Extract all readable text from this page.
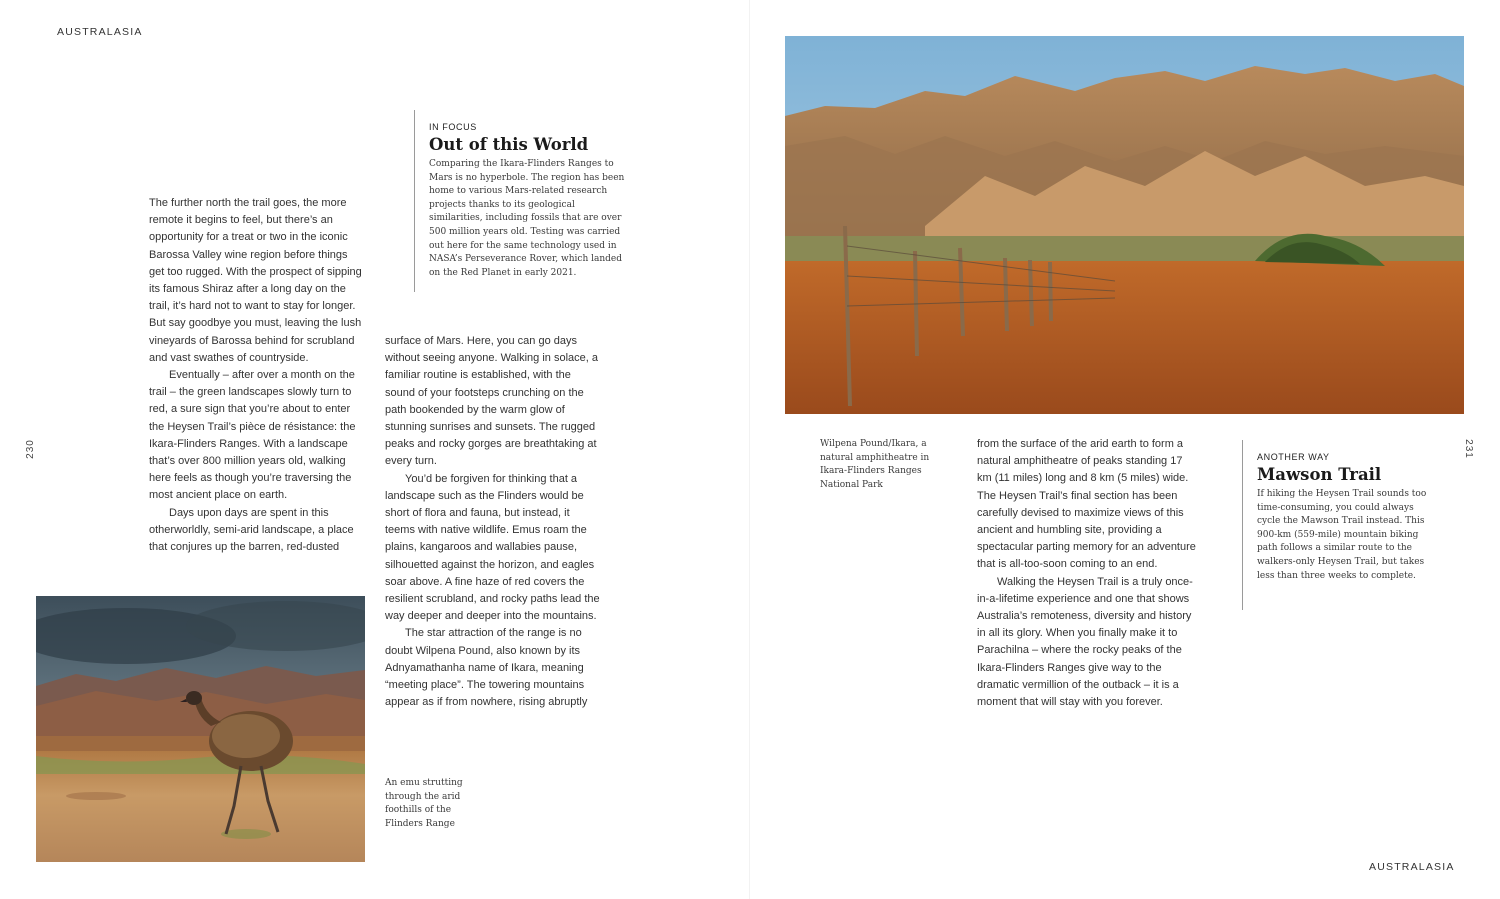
AUSTRALASIA
230
IN FOCUS
Out of this World

Comparing the Ikara-Flinders Ranges to Mars is no hyperbole. The region has been home to various Mars-related research projects thanks to its geological similarities, including fossils that are over 500 million years old. Testing was carried out here for the same technology used in NASA’s Perseverance Rover, which landed on the Red Planet in early 2021.

The further north the trail goes, the more remote it begins to feel, but there’s an opportunity for a treat or two in the iconic Barossa Valley wine region before things get too rugged. With the prospect of sipping its famous Shiraz after a long day on the trail, it’s hard not to want to stay for longer. But say goodbye you must, leaving the lush vineyards of Barossa behind for scrubland and vast swathes of countryside.

Eventually – after over a month on the trail – the green landscapes slowly turn to red, a sure sign that you’re about to enter the Heysen Trail’s pièce de résistance: the Ikara-Flinders Ranges. With a landscape that’s over 800 million years old, walking here feels as though you’re traversing the most ancient place on earth.

Days upon days are spent in this otherworldly, semi-arid landscape, a place that conjures up the barren, red-dusted

surface of Mars. Here, you can go days without seeing anyone. Walking in solace, a familiar routine is established, with the sound of your footsteps crunching on the path bookended by the warm glow of stunning sunrises and sunsets. The rugged peaks and rocky gorges are breathtaking at every turn.

You’d be forgiven for thinking that a landscape such as the Flinders would be short of flora and fauna, but instead, it teems with native wildlife. Emus roam the plains, kangaroos and wallabies pause, silhouetted against the horizon, and eagles soar above. A fine haze of red covers the resilient scrubland, and rocky paths lead the way deeper and deeper into the mountains.

The star attraction of the range is no doubt Wilpena Pound, also known by its Adnyamathanha name of Ikara, meaning “meeting place”. The towering mountains appear as if from nowhere, rising abruptly

An emu strutting through the arid foothills of the Flinders Range
Wilpena Pound/Ikara, a natural amphitheatre in Ikara-Flinders Ranges National Park

from the surface of the arid earth to form a natural amphitheatre of peaks standing 17 km (11 miles) long and 8 km (5 miles) wide. The Heysen Trail’s final section has been carefully devised to maximize views of this ancient and humbling site, providing a spectacular parting memory for an adventure that is all-too-soon coming to an end.

Walking the Heysen Trail is a truly once-in-a-lifetime experience and one that shows Australia’s remoteness, diversity and history in all its glory. When you finally make it to Parachilna – where the rocky peaks of the Ikara-Flinders Ranges give way to the dramatic vermillion of the outback – it is a moment that will stay with you forever.

ANOTHER WAY
Mawson Trail

If hiking the Heysen Trail sounds too time-consuming, you could always cycle the Mawson Trail instead. This 900-km (559-mile) mountain biking path follows a similar route to the walkers-only Heysen Trail, but takes less than three weeks to complete.

231
AUSTRALASIA
